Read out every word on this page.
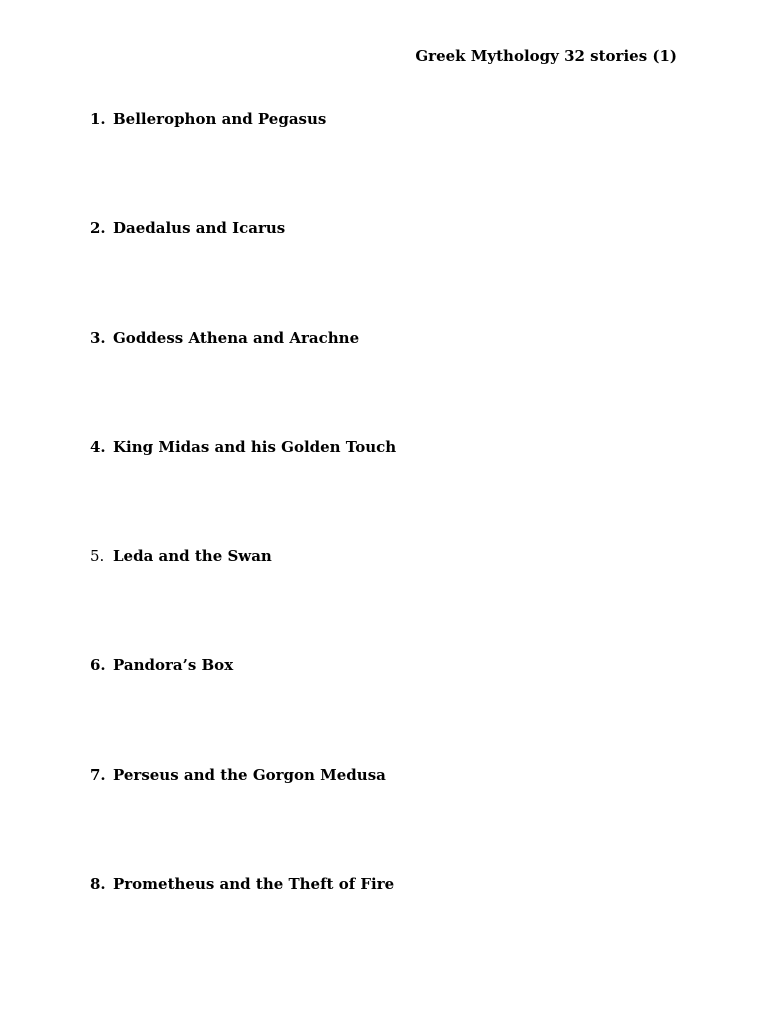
Greek Mythology 32 stories (1)
1. Bellerophon and Pegasus
2. Daedalus and Icarus
3. Goddess Athena and Arachne
4. King Midas and his Golden Touch
5. Leda and the Swan
6. Pandora’s Box
7. Perseus and the Gorgon Medusa
8. Prometheus and the Theft of Fire
